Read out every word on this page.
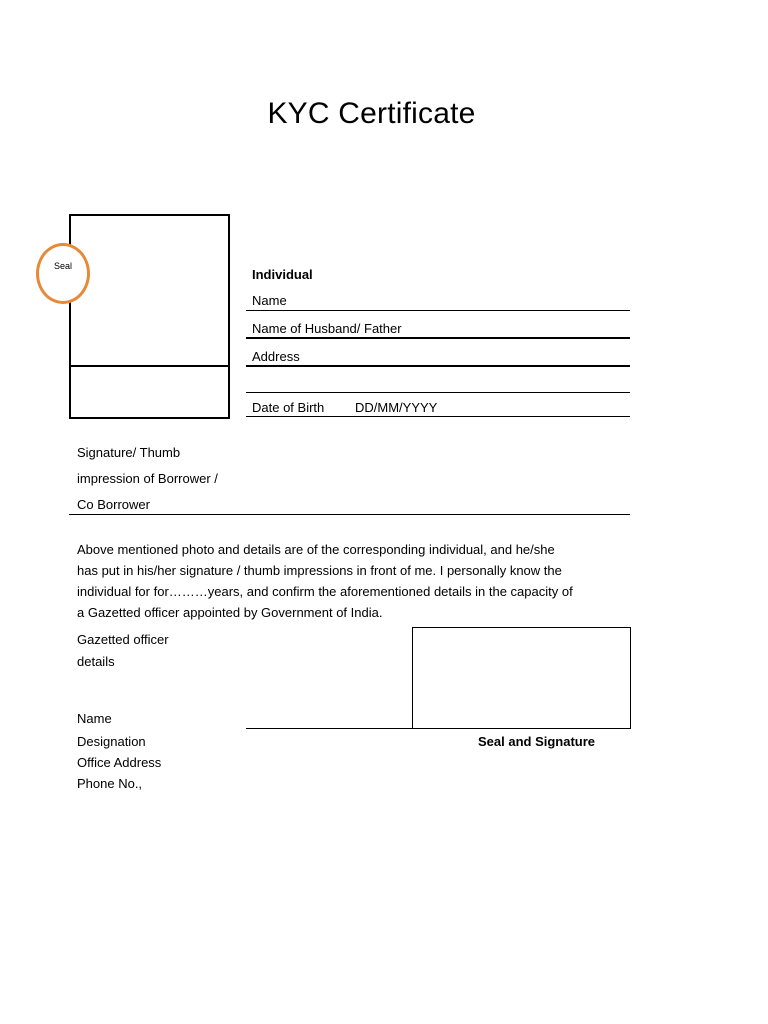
KYC Certificate
Seal
Individual
Name
Name of Husband/ Father
Address
Date of Birth DD/MM/YYYY
Signature/ Thumb
impression of Borrower /
Co Borrower
Above mentioned photo and details are of the corresponding individual, and he/she
has put in his/her signature / thumb impressions in front of me. I personally know the
individual for for………years, and confirm the aforementioned details in the capacity of
a Gazetted officer appointed by Government of India.
Gazetted officer
details
Name
Designation	Seal and Signature
Office Address
Phone No.,
